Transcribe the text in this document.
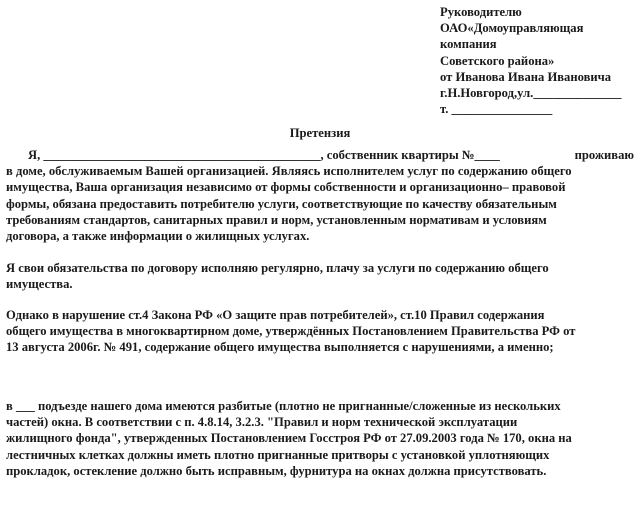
Руководителю
ОАО«Домоуправляющая
компания
Советского района»
от Иванова Ивана Ивановича
г.Н.Новгород,ул.______________
т. ________________
Претензия
Я, ____________________________________________, собственник квартиры №____	проживаю
в доме, обслуживаемым Вашей организацией. Являясь исполнителем услуг по содержанию общего
имущества, Ваша организация независимо от формы собственности и организационно– правовой
формы, обязана предоставить потребителю услуги, соответствующие по качеству обязательным
требованиям стандартов, санитарных правил и норм, установленным нормативам и условиям
договора, а также информации о жилищных услугах.
Я свои обязательства по договору исполняю регулярно, плачу за услуги по содержанию общего
имущества.
Однако в нарушение ст.4 Закона РФ «О защите прав потребителей», ст.10 Правил содержания
общего имущества в многоквартирном доме, утверждённых Постановлением Правительства РФ от
13 августа 2006г. № 491, содержание общего имущества выполняется с нарушениями, а именно;
в ___ подъезде нашего дома имеются разбитые (плотно не пригнанные/сложенные из нескольких
частей) окна. В соответствии с п. 4.8.14, 3.2.3. "Правил и норм технической эксплуатации
жилищного фонда", утвержденных Постановлением Госстроя РФ от 27.09.2003 года № 170, окна на
лестничных клетках должны иметь плотно пригнанные притворы с установкой уплотняющих
прокладок, остекление должно быть исправным, фурнитура на окнах должна присутствовать.
